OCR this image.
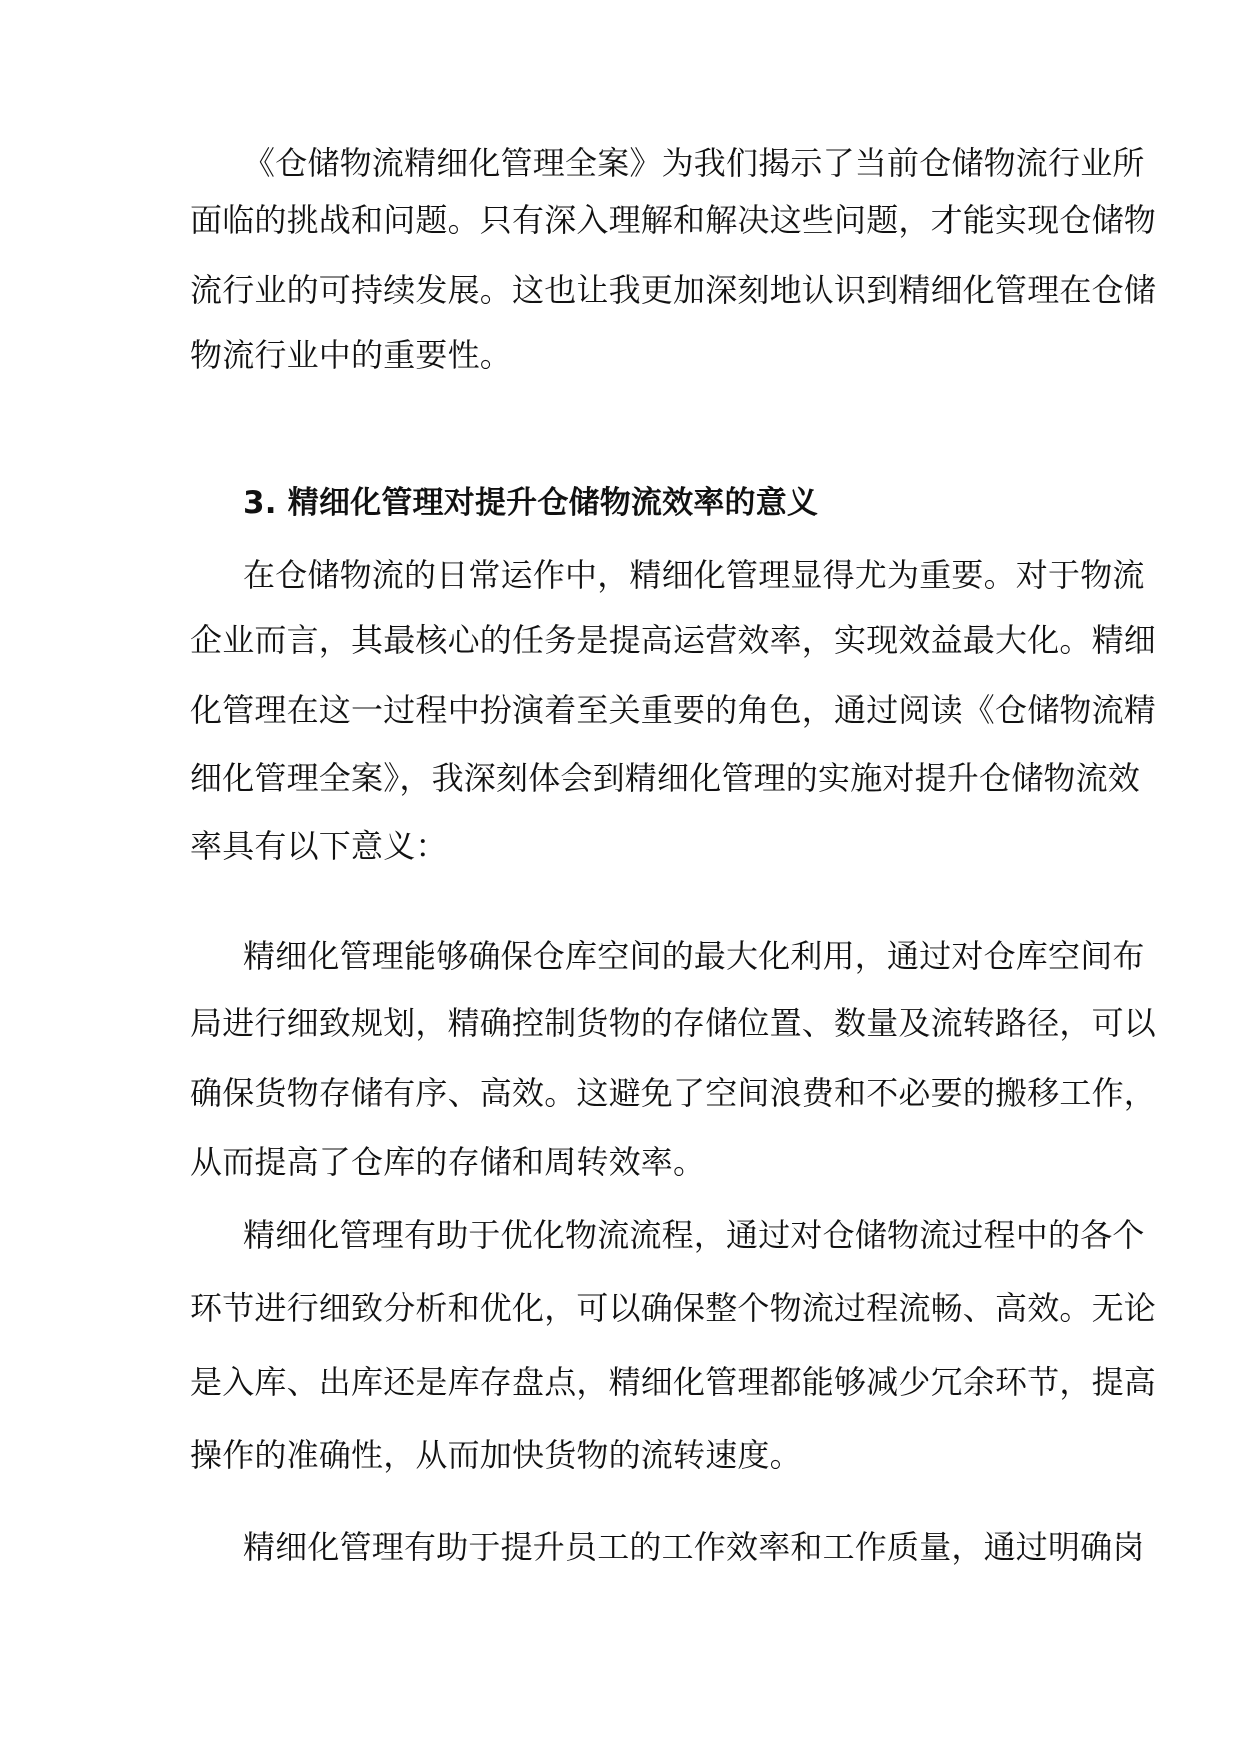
《仓储物流精细化管理全案》为我们揭示了当前仓储物流行业所
面临的挑战和问题。只有深入理解和解决这些问题，才能实现仓储物
流行业的可持续发展。这也让我更加深刻地认识到精细化管理在仓储
物流行业中的重要性。
3. 精细化管理对提升仓储物流效率的意义
在仓储物流的日常运作中，精细化管理显得尤为重要。对于物流
企业而言，其最核心的任务是提高运营效率，实现效益最大化。精细
化管理在这一过程中扮演着至关重要的角色，通过阅读《仓储物流精
细化管理全案》，我深刻体会到精细化管理的实施对提升仓储物流效
率具有以下意义：
精细化管理能够确保仓库空间的最大化利用，通过对仓库空间布
局进行细致规划，精确控制货物的存储位置、数量及流转路径，可以
确保货物存储有序、高效。这避免了空间浪费和不必要的搬移工作，
从而提高了仓库的存储和周转效率。
精细化管理有助于优化物流流程，通过对仓储物流过程中的各个
环节进行细致分析和优化，可以确保整个物流过程流畅、高效。无论
是入库、出库还是库存盘点，精细化管理都能够减少冗余环节，提高
操作的准确性，从而加快货物的流转速度。
精细化管理有助于提升员工的工作效率和工作质量，通过明确岗
